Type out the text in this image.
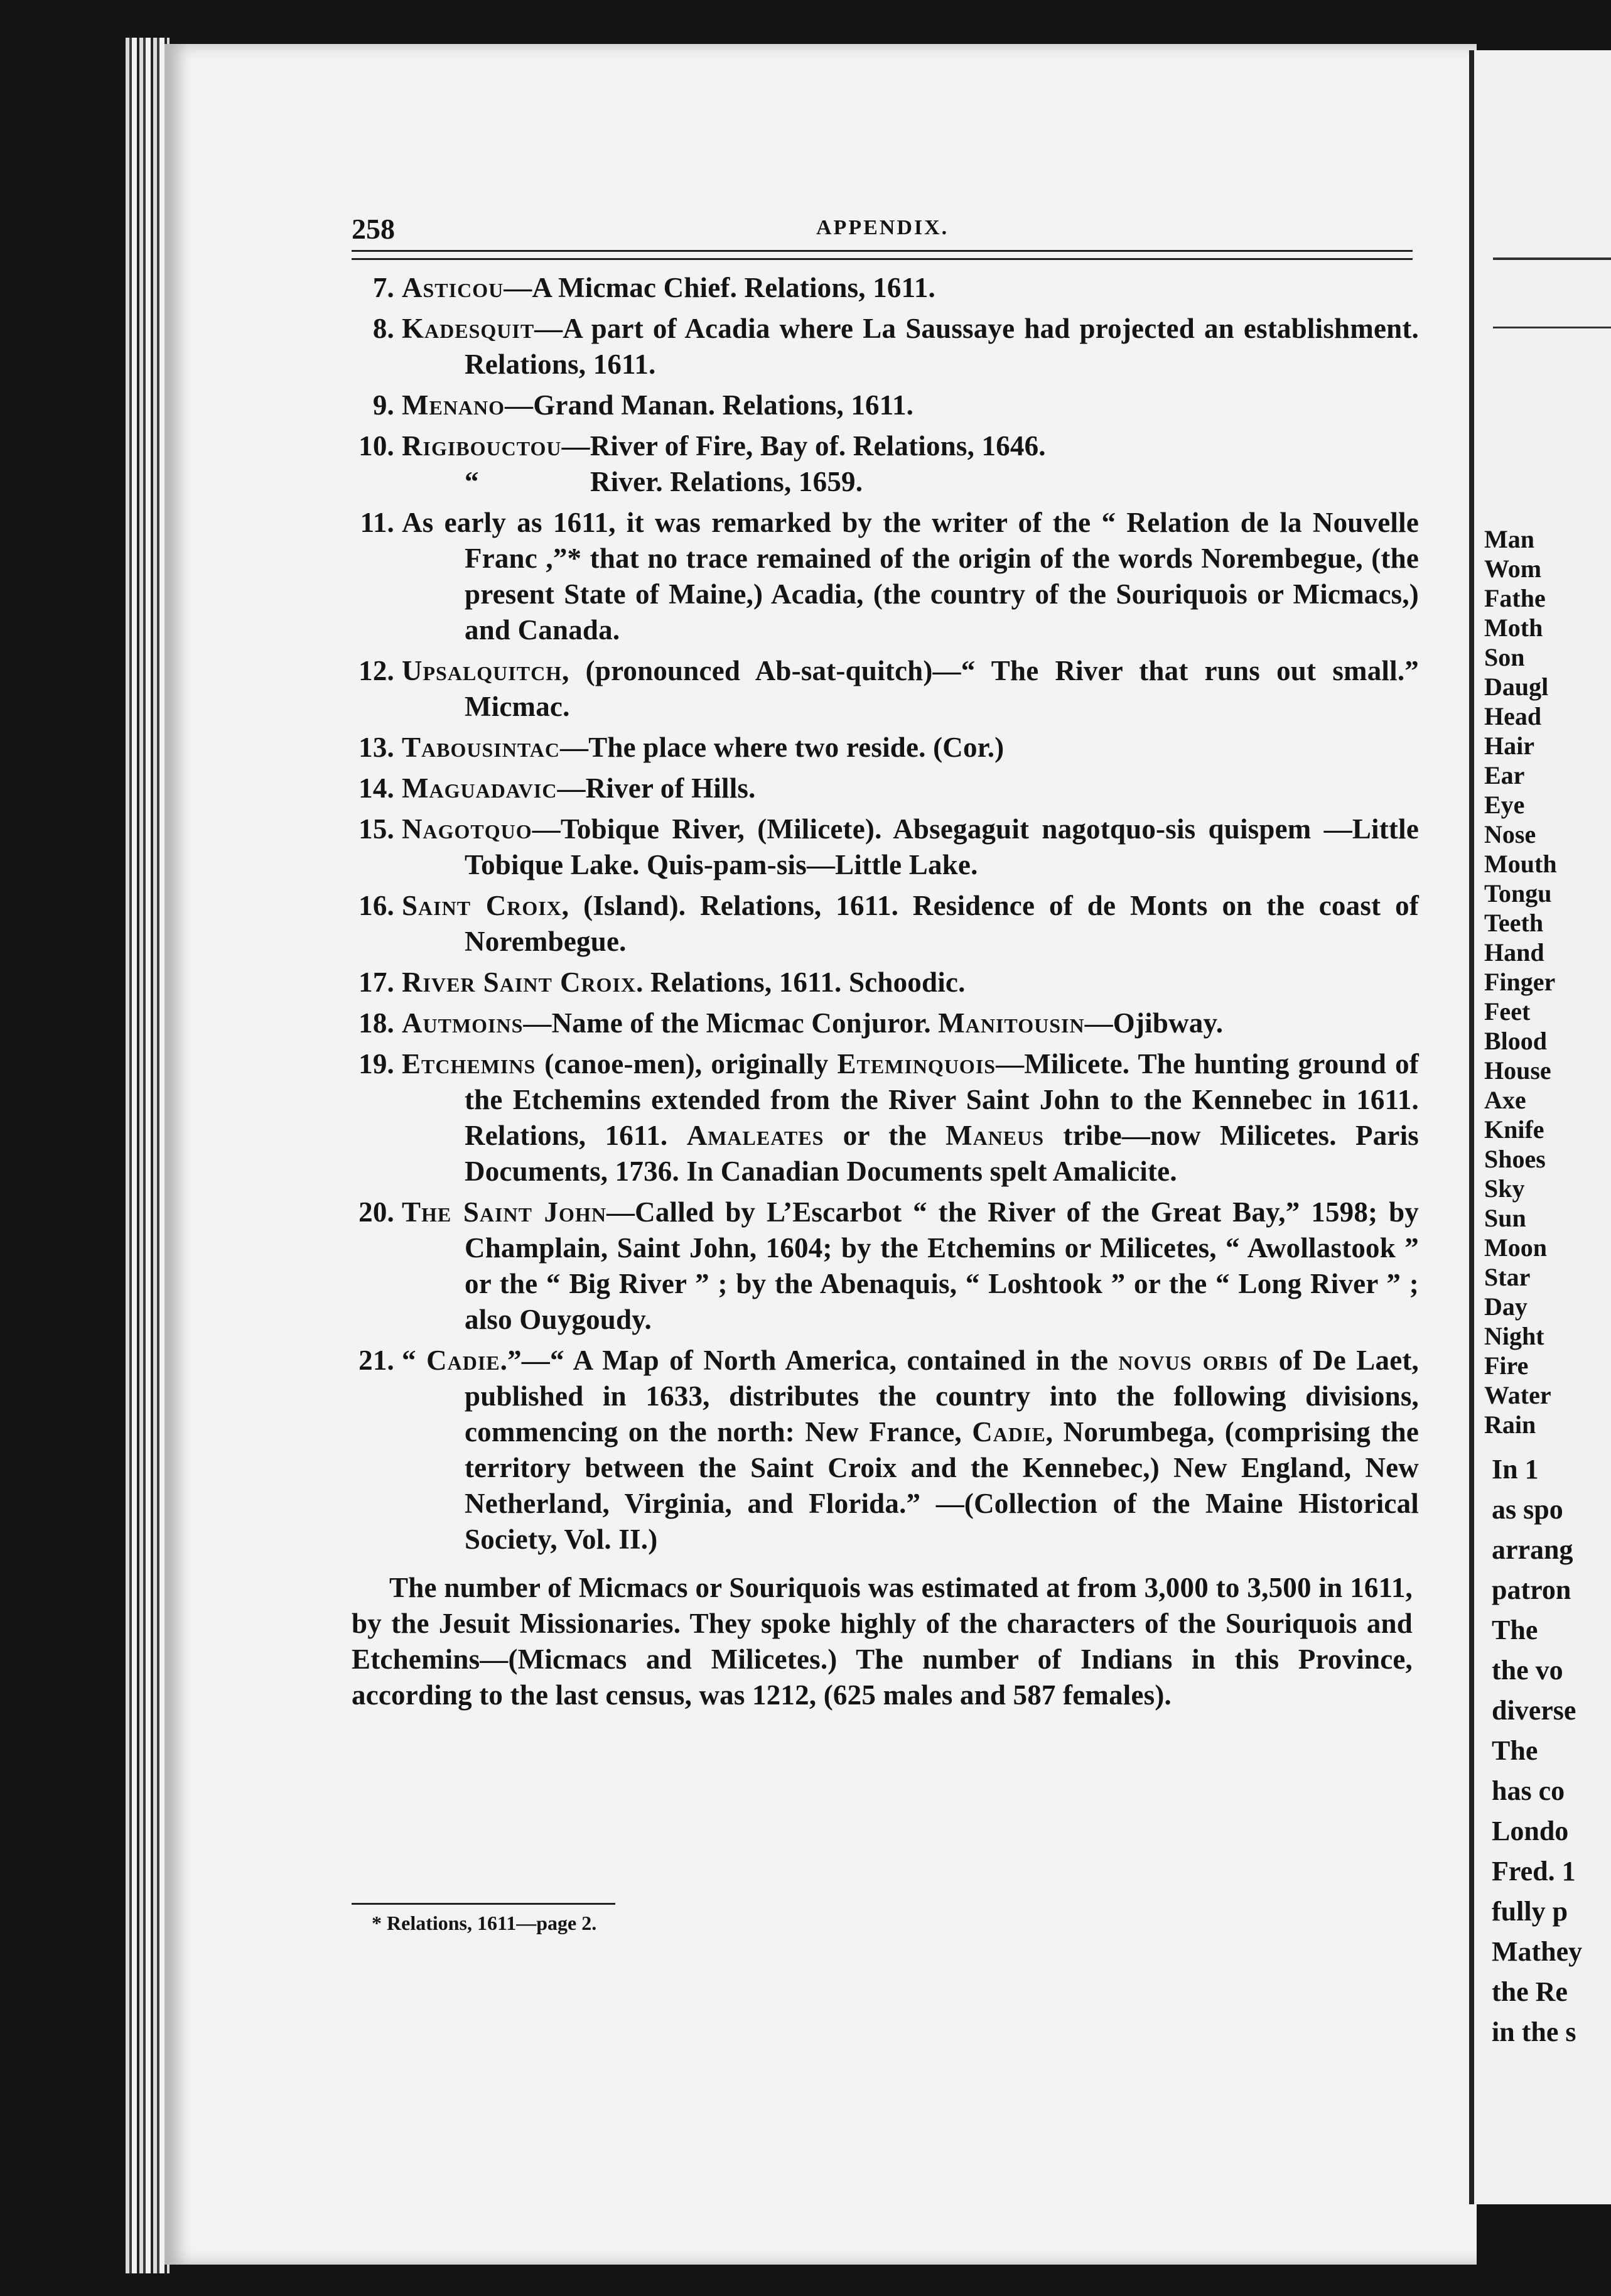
Man
Wom
Fathe
Moth
Son
Daugl
Head
Hair
Ear
Eye
Nose
Mouth
Tongu
Teeth
Hand
Finger
Feet
Blood
House
Axe
Knife
Shoes
Sky
Sun
Moon
Star
Day
Night
Fire
Water
Rain
In 1
as spo
arrang
patron
The
the vo
diverse
The
has co
Londo
Fred. 1
fully p
Mathey
the Re
in the s
258	APPENDIX.
7. Asticou—A Micmac Chief. Relations, 1611.
8. Kadesquit—A part of Acadia where La Saussaye had projected an establishment. Relations, 1611.
9. Menano—Grand Manan. Relations, 1611.
10. Rigibouctou—River of Fire, Bay of. Relations, 1646.
“	River. Relations, 1659.
11. As early as 1611, it was remarked by the writer of the “ Relation de la Nouvelle Franc ,”* that no trace remained of the origin of the words Norembegue, (the present State of Maine,) Acadia, (the country of the Souriquois or Micmacs,) and Canada.
12. Upsalquitch, (pronounced Ab-sat-quitch)—“ The River that runs out small.” Micmac.
13. Tabousintac—The place where two reside. (Cor.)
14. Maguadavic—River of Hills.
15. Nagotquo—Tobique River, (Milicete). Absegaguit nagotquo-sis quispem —Little Tobique Lake. Quis-pam-sis—Little Lake.
16. Saint Croix, (Island). Relations, 1611. Residence of de Monts on the coast of Norembegue.
17. River Saint Croix. Relations, 1611. Schoodic.
18. Autmoins—Name of the Micmac Conjuror. Manitousin—Ojibway.
19. Etchemins (canoe-men), originally Eteminquois—Milicete. The hunting ground of the Etchemins extended from the River Saint John to the Kennebec in 1611. Relations, 1611. Amaleates or the Maneus tribe—now Milicetes. Paris Documents, 1736. In Canadian Documents spelt Amalicite.
20. The Saint John—Called by L’Escarbot “ the River of the Great Bay,” 1598; by Champlain, Saint John, 1604; by the Etchemins or Milicetes, “ Awollastook ” or the “ Big River ” ; by the Abenaquis, “ Loshtook ” or the “ Long River ” ; also Ouygoudy.
21. “ Cadie.”—“ A Map of North America, contained in the novus orbis of De Laet, published in 1633, distributes the country into the following divisions, commencing on the north: New France, Cadie, Norumbega, (comprising the territory between the Saint Croix and the Kennebec,) New England, New Netherland, Virginia, and Florida.” —(Collection of the Maine Historical Society, Vol. II.)
The number of Micmacs or Souriquois was estimated at from 3,000 to 3,500 in 1611, by the Jesuit Missionaries. They spoke highly of the characters of the Souriquois and Etchemins—(Micmacs and Milicetes.) The number of Indians in this Province, according to the last census, was 1212, (625 males and 587 females).
* Relations, 1611—page 2.
